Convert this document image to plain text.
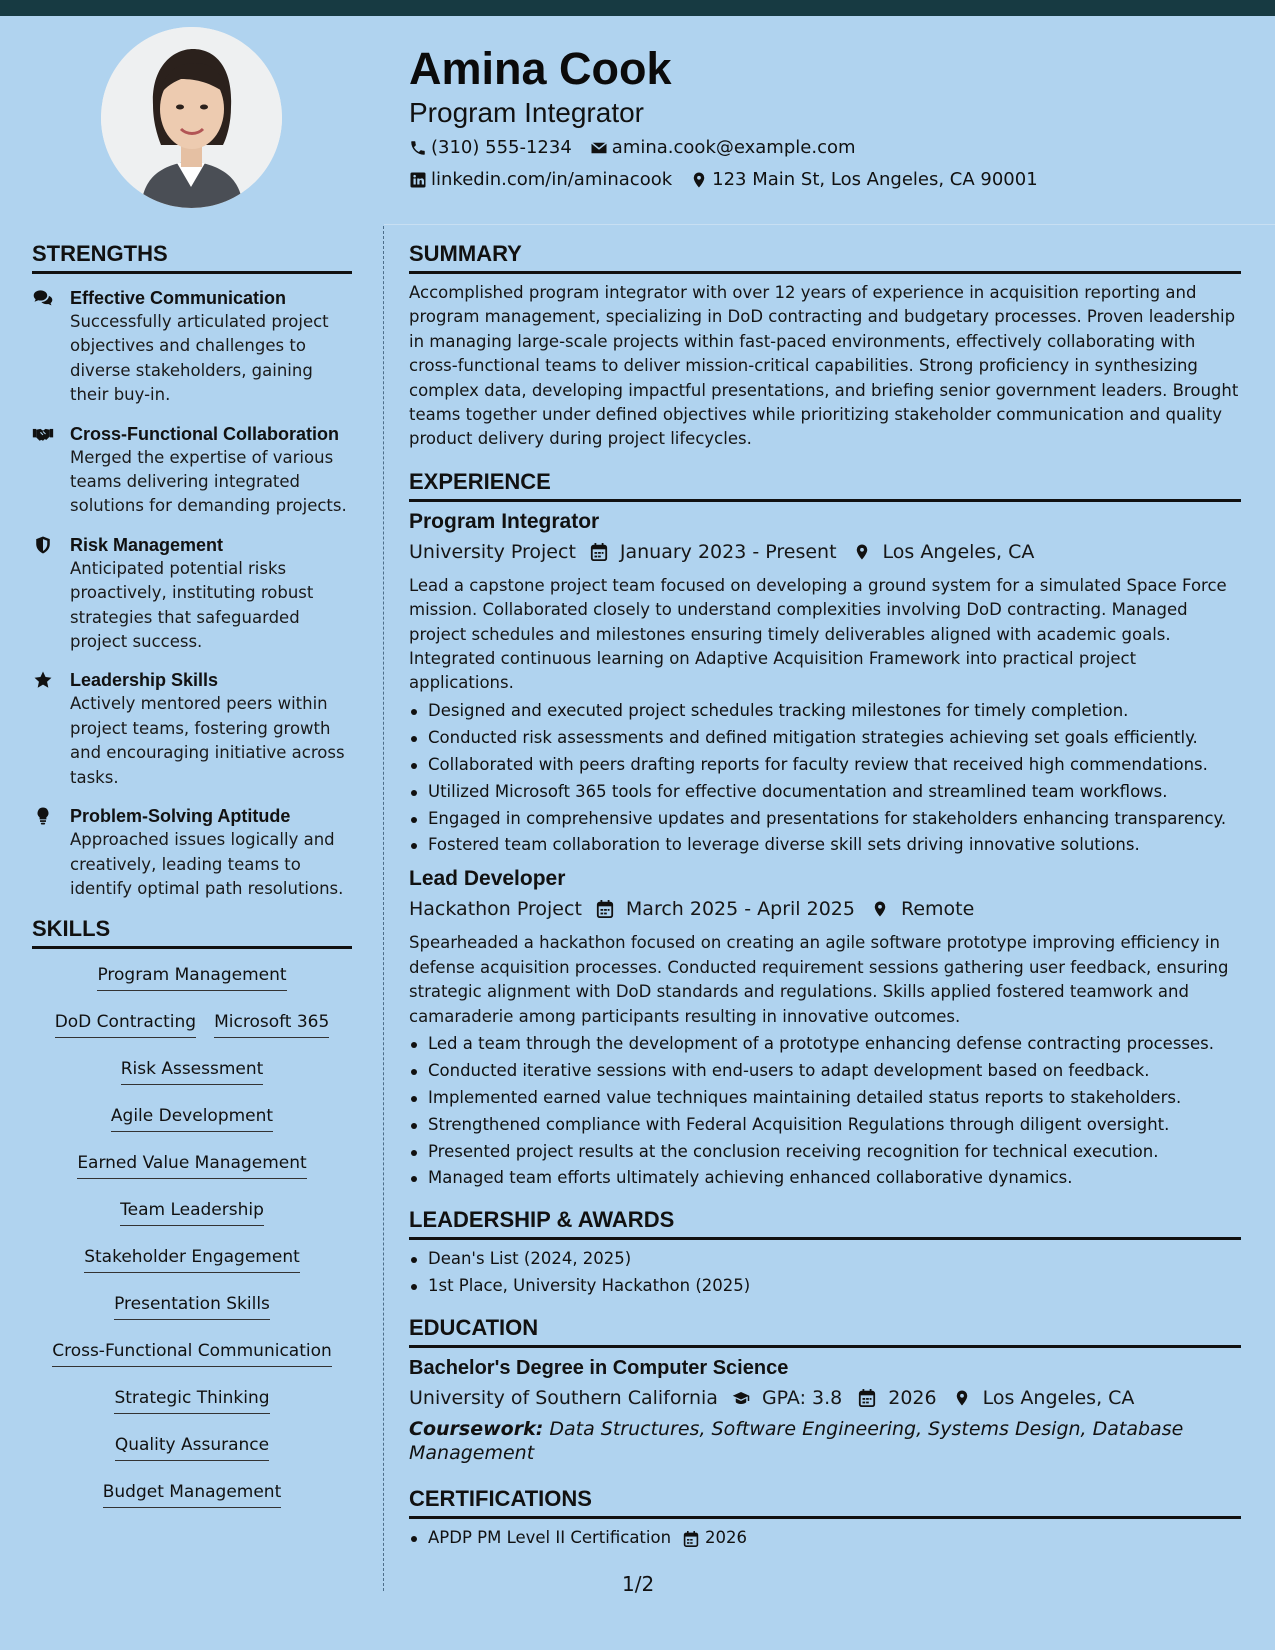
Amina Cook
Program Integrator
(310) 555-1234 amina.cook@example.com
linkedin.com/in/aminacook 123 Main St, Los Angeles, CA 90001
STRENGTHS
Effective Communication
Successfully articulated project objectives and challenges to diverse stakeholders, gaining their buy-in.
Cross-Functional Collaboration
Merged the expertise of various teams delivering integrated solutions for demanding projects.
Risk Management
Anticipated potential risks proactively, instituting robust strategies that safeguarded project success.
Leadership Skills
Actively mentored peers within project teams, fostering growth and encouraging initiative across tasks.
Problem-Solving Aptitude
Approached issues logically and creatively, leading teams to identify optimal path resolutions.
SKILLS
Program Management
DoD Contracting Microsoft 365
Risk Assessment
Agile Development
Earned Value Management
Team Leadership
Stakeholder Engagement
Presentation Skills
Cross-Functional Communication
Strategic Thinking
Quality Assurance
Budget Management
SUMMARY
Accomplished program integrator with over 12 years of experience in acquisition reporting and program management, specializing in DoD contracting and budgetary processes. Proven leadership in managing large-scale projects within fast-paced environments, effectively collaborating with cross-functional teams to deliver mission-critical capabilities. Strong proficiency in synthesizing complex data, developing impactful presentations, and briefing senior government leaders. Brought teams together under defined objectives while prioritizing stakeholder communication and quality product delivery during project lifecycles.
EXPERIENCE
Program Integrator
University Project January 2023 - Present Los Angeles, CA
Lead a capstone project team focused on developing a ground system for a simulated Space Force mission. Collaborated closely to understand complexities involving DoD contracting. Managed project schedules and milestones ensuring timely deliverables aligned with academic goals. Integrated continuous learning on Adaptive Acquisition Framework into practical project applications.
Designed and executed project schedules tracking milestones for timely completion.
Conducted risk assessments and defined mitigation strategies achieving set goals efficiently.
Collaborated with peers drafting reports for faculty review that received high commendations.
Utilized Microsoft 365 tools for effective documentation and streamlined team workflows.
Engaged in comprehensive updates and presentations for stakeholders enhancing transparency.
Fostered team collaboration to leverage diverse skill sets driving innovative solutions.
Lead Developer
Hackathon Project March 2025 - April 2025 Remote
Spearheaded a hackathon focused on creating an agile software prototype improving efficiency in defense acquisition processes. Conducted requirement sessions gathering user feedback, ensuring strategic alignment with DoD standards and regulations. Skills applied fostered teamwork and camaraderie among participants resulting in innovative outcomes.
Led a team through the development of a prototype enhancing defense contracting processes.
Conducted iterative sessions with end-users to adapt development based on feedback.
Implemented earned value techniques maintaining detailed status reports to stakeholders.
Strengthened compliance with Federal Acquisition Regulations through diligent oversight.
Presented project results at the conclusion receiving recognition for technical execution.
Managed team efforts ultimately achieving enhanced collaborative dynamics.
LEADERSHIP & AWARDS
Dean's List (2024, 2025)
1st Place, University Hackathon (2025)
EDUCATION
Bachelor's Degree in Computer Science
University of Southern California GPA: 3.8 2026 Los Angeles, CA
Coursework: Data Structures, Software Engineering, Systems Design, Database Management
CERTIFICATIONS
APDP PM Level II Certification 2026
1/2
